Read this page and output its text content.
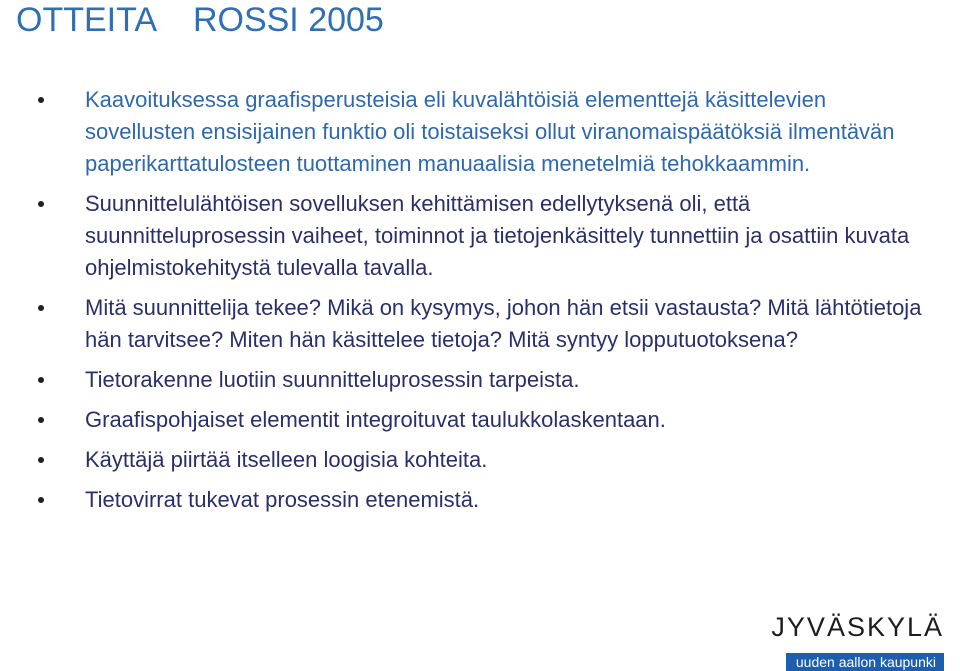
OTTEITA    ROSSI 2005
Kaavoituksessa graafisperusteisia eli kuvalähtöisiä elementtejä käsittelevien sovellusten ensisijainen funktio oli toistaiseksi ollut viranomaispäätöksiä ilmentävän paperikarttatulosteen tuottaminen manuaalisia menetelmiä tehokkaammin.
Suunnittelulähtöisen sovelluksen kehittämisen edellytyksenä oli, että suunnitteluprosessin vaiheet, toiminnot ja tietojenkäsittely tunnettiin ja osattiin kuvata ohjelmistokehitystä tulevalla tavalla.
Mitä suunnittelija tekee? Mikä on kysymys, johon hän etsii vastausta? Mitä lähtötietoja hän tarvitsee? Miten hän käsittelee tietoja? Mitä syntyy lopputuotoksena?
Tietorakenne luotiin suunnitteluprosessin tarpeista.
Graafispohjaiset elementit integroituvat taulukkolaskentaan.
Käyttäjä piirtää itselleen loogisia kohteita.
Tietovirrat tukevat prosessin etenemistä.
JYVÄSKYLÄ
uuden aallon kaupunki
